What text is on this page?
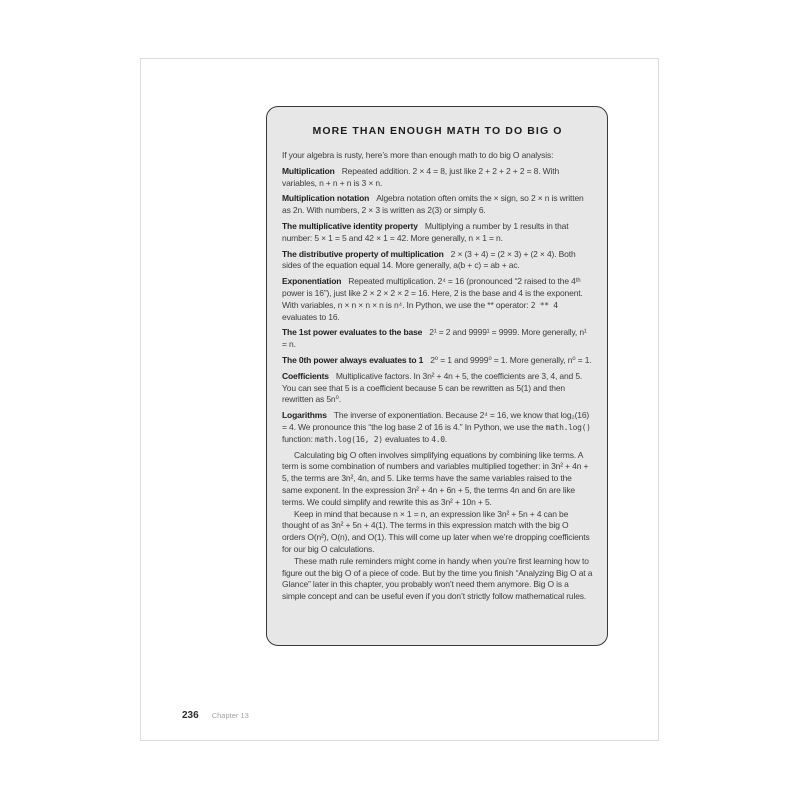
MORE THAN ENOUGH MATH TO DO BIG O

If your algebra is rusty, here’s more than enough math to do big O analysis:

Multiplication Repeated addition. 2 × 4 = 8, just like 2 + 2 + 2 + 2 = 8. With variables, n + n + n is 3 × n.

Multiplication notation Algebra notation often omits the × sign, so 2 × n is written as 2n. With numbers, 2 × 3 is written as 2(3) or simply 6.

The multiplicative identity property Multiplying a number by 1 results in that number: 5 × 1 = 5 and 42 × 1 = 42. More generally, n × 1 = n.

The distributive property of multiplication 2 × (3 + 4) = (2 × 3) + (2 × 4). Both sides of the equation equal 14. More generally, a(b + c) = ab + ac.

Exponentiation Repeated multiplication. 2⁴ = 16 (pronounced “2 raised to the 4ᵗʰ power is 16”), just like 2 × 2 × 2 × 2 = 16. Here, 2 is the base and 4 is the exponent. With variables, n × n × n × n is n⁴. In Python, we use the ** operator: 2 ** 4 evaluates to 16.

The 1st power evaluates to the base 2¹ = 2 and 9999¹ = 9999. More generally, n¹ = n.

The 0th power always evaluates to 1 2⁰ = 1 and 9999⁰ = 1. More generally, n⁰ = 1.

Coefficients Multiplicative factors. In 3n² + 4n + 5, the coefficients are 3, 4, and 5. You can see that 5 is a coefficient because 5 can be rewritten as 5(1) and then rewritten as 5n⁰.

Logarithms The inverse of exponentiation. Because 2⁴ = 16, we know that log₂(16) = 4. We pronounce this “the log base 2 of 16 is 4.” In Python, we use the math.log() function: math.log(16, 2) evaluates to 4.0.

Calculating big O often involves simplifying equations by combining like terms. A term is some combination of numbers and variables multiplied together: in 3n² + 4n + 5, the terms are 3n², 4n, and 5. Like terms have the same variables raised to the same exponent. In the expression 3n² + 4n + 6n + 5, the terms 4n and 6n are like terms. We could simplify and rewrite this as 3n² + 10n + 5.

Keep in mind that because n × 1 = n, an expression like 3n² + 5n + 4 can be thought of as 3n² + 5n + 4(1). The terms in this expression match with the big O orders O(n²), O(n), and O(1). This will come up later when we’re dropping coefficients for our big O calculations.

These math rule reminders might come in handy when you’re first learning how to figure out the big O of a piece of code. But by the time you finish “Analyzing Big O at a Glance” later in this chapter, you probably won’t need them anymore. Big O is a simple concept and can be useful even if you don’t strictly follow mathematical rules.

236 Chapter 13
